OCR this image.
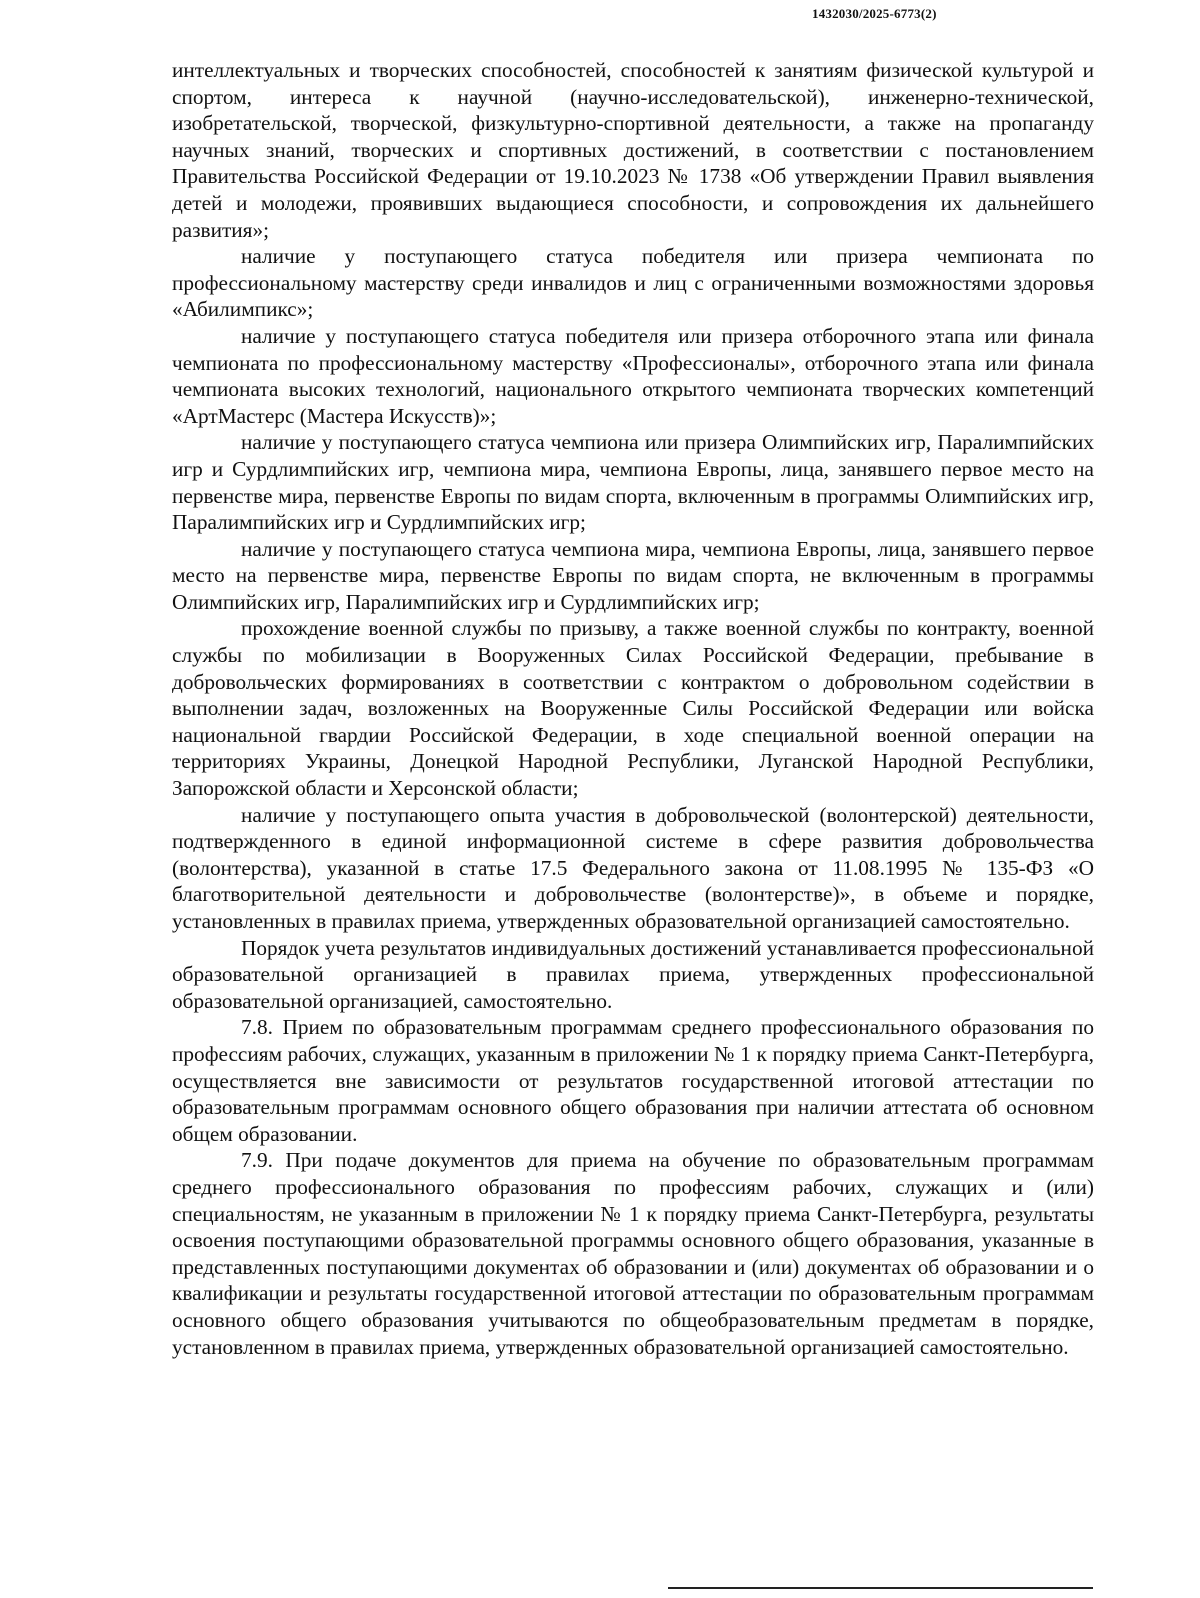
1432030/2025-6773(2)

интеллектуальных и творческих способностей, способностей к занятиям физической культурой и спортом, интереса к научной (научно-исследовательской), инженерно-технической, изобретательской, творческой, физкультурно-спортивной деятельности, а также на пропаганду научных знаний, творческих и спортивных достижений, в соответствии с постановлением Правительства Российской Федерации от 19.10.2023 № 1738 «Об утверждении Правил выявления детей и молодежи, проявивших выдающиеся способности, и сопровождения их дальнейшего развития»;

наличие у поступающего статуса победителя или призера чемпионата по профессиональному мастерству среди инвалидов и лиц с ограниченными возможностями здоровья «Абилимпикс»;

наличие у поступающего статуса победителя или призера отборочного этапа или финала чемпионата по профессиональному мастерству «Профессионалы», отборочного этапа или финала чемпионата высоких технологий, национального открытого чемпионата творческих компетенций «АртМастерс (Мастера Искусств)»;

наличие у поступающего статуса чемпиона или призера Олимпийских игр, Паралимпийских игр и Сурдлимпийских игр, чемпиона мира, чемпиона Европы, лица, занявшего первое место на первенстве мира, первенстве Европы по видам спорта, включенным в программы Олимпийских игр, Паралимпийских игр и Сурдлимпийских игр;

наличие у поступающего статуса чемпиона мира, чемпиона Европы, лица, занявшего первое место на первенстве мира, первенстве Европы по видам спорта, не включенным в программы Олимпийских игр, Паралимпийских игр и Сурдлимпийских игр;

прохождение военной службы по призыву, а также военной службы по контракту, военной службы по мобилизации в Вооруженных Силах Российской Федерации, пребывание в добровольческих формированиях в соответствии с контрактом о добровольном содействии в выполнении задач, возложенных на Вооруженные Силы Российской Федерации или войска национальной гвардии Российской Федерации, в ходе специальной военной операции на территориях Украины, Донецкой Народной Республики, Луганской Народной Республики, Запорожской области и Херсонской области;

наличие у поступающего опыта участия в добровольческой (волонтерской) деятельности, подтвержденного в единой информационной системе в сфере развития добровольчества (волонтерства), указанной в статье 17.5 Федерального закона от 11.08.1995 № 135-ФЗ «О благотворительной деятельности и добровольчестве (волонтерстве)», в объеме и порядке, установленных в правилах приема, утвержденных образовательной организацией самостоятельно.

Порядок учета результатов индивидуальных достижений устанавливается профессиональной образовательной организацией в правилах приема, утвержденных профессиональной образовательной организацией, самостоятельно.

7.8. Прием по образовательным программам среднего профессионального образования по профессиям рабочих, служащих, указанным в приложении № 1 к порядку приема Санкт-Петербурга, осуществляется вне зависимости от результатов государственной итоговой аттестации по образовательным программам основного общего образования при наличии аттестата об основном общем образовании.

7.9. При подаче документов для приема на обучение по образовательным программам среднего профессионального образования по профессиям рабочих, служащих и (или) специальностям, не указанным в приложении № 1 к порядку приема Санкт-Петербурга, результаты освоения поступающими образовательной программы основного общего образования, указанные в представленных поступающими документах об образовании и (или) документах об образовании и о квалификации и результаты государственной итоговой аттестации по образовательным программам основного общего образования учитываются по общеобразовательным предметам в порядке, установленном в правилах приема, утвержденных образовательной организацией самостоятельно.
